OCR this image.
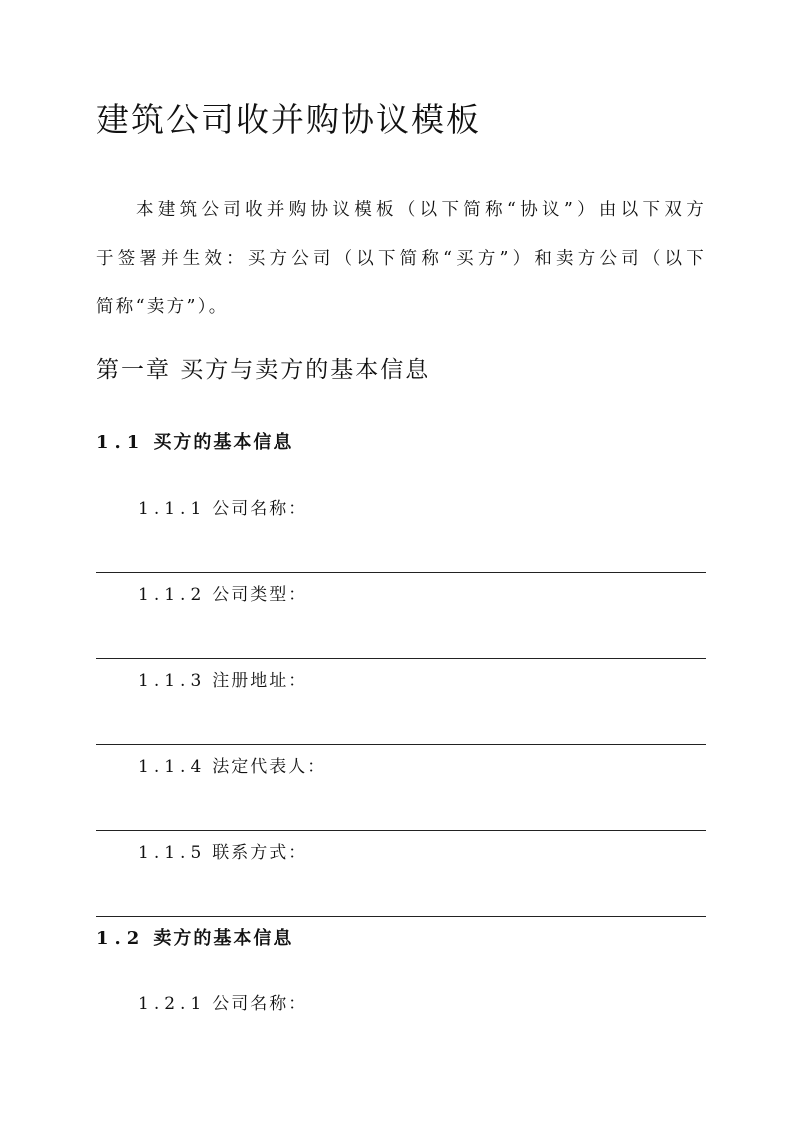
建筑公司收并购协议模板

本建筑公司收并购协议模板（以下简称“协议”）由以下双方
于签署并生效：买方公司（以下简称“买方”）和卖方公司（以下
简称“卖方”）。

第一章 买方与卖方的基本信息
1.1 买方的基本信息
1.1.1 公司名称：
1.1.2 公司类型：
1.1.3 注册地址：
1.1.4 法定代表人：
1.1.5 联系方式：
1.2 卖方的基本信息
1.2.1 公司名称：
